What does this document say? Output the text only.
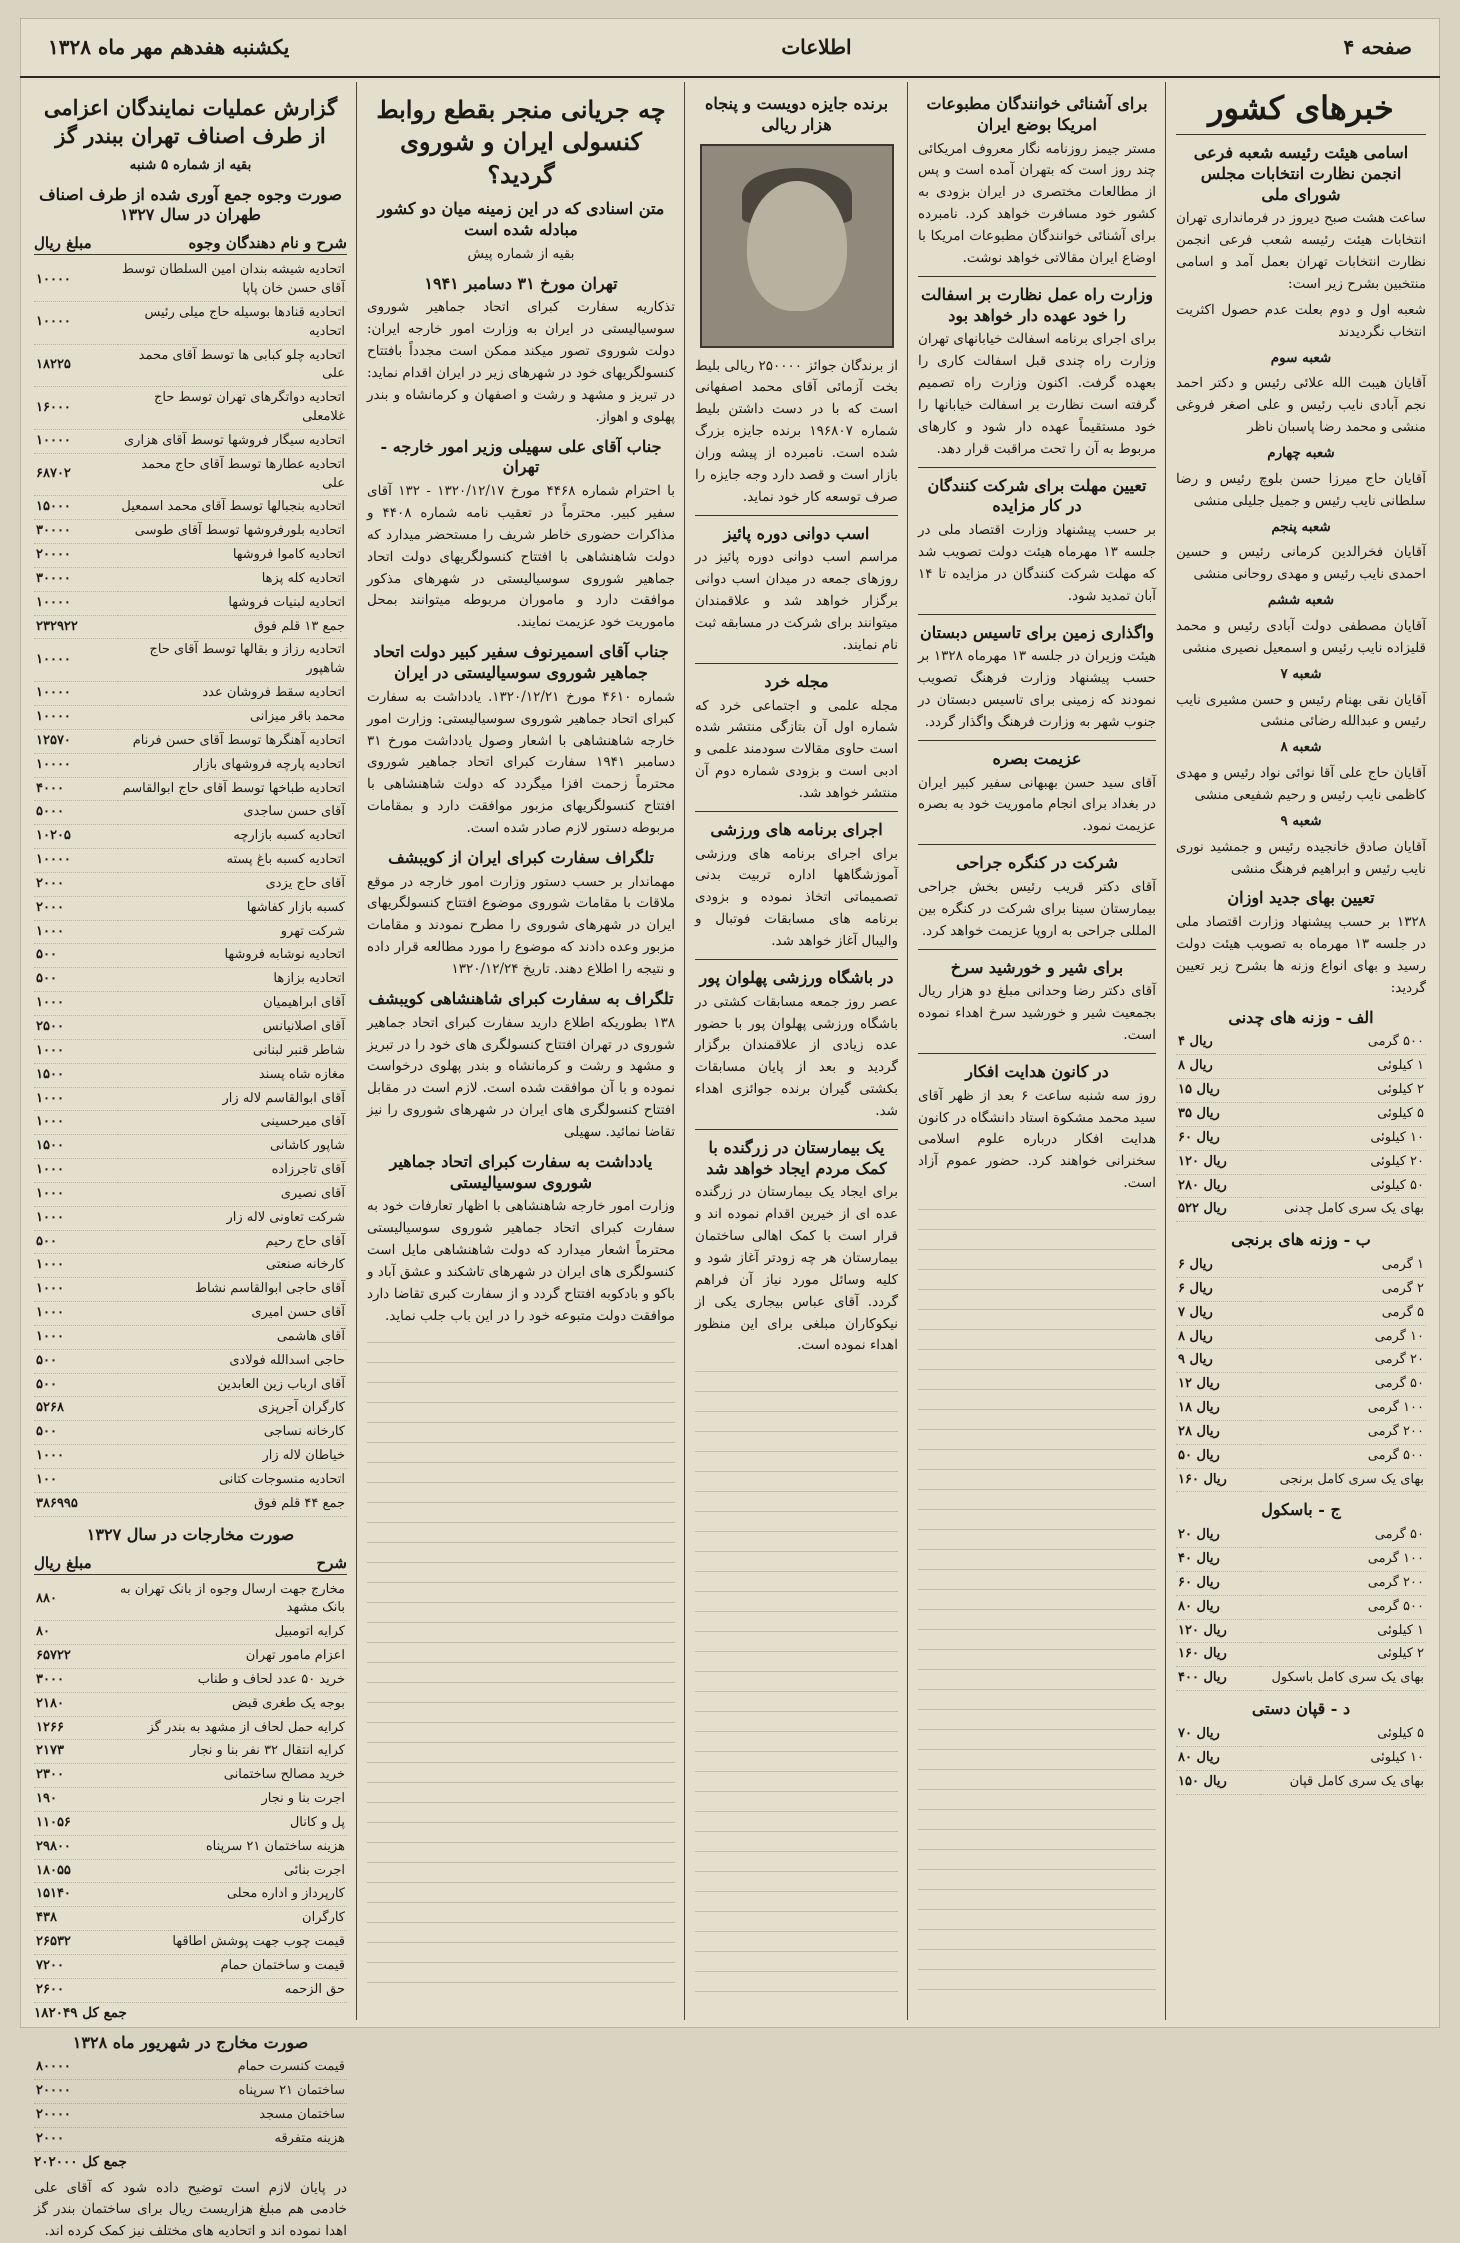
صفحه ۴
اطلاعات
یکشنبه هفدهم مهر ماه ۱۳۲۸
خبرهای کشور
اسامی هیئت رئیسه شعبه فرعی انجمن نظارت انتخابات مجلس شورای ملی

ساعت هشت صبح دیروز در فرمانداری تهران انتخابات هیئت رئیسه شعب فرعی انجمن نظارت انتخابات تهران بعمل آمد و اسامی منتخبین بشرح زیر است:

شعبه اول و دوم بعلت عدم حصول اکثریت انتخاب نگردیدند

شعبه سوم

آقایان هیبت الله علائی رئیس و دکتر احمد نجم آبادی نایب رئیس و علی اصغر فروغی منشی و محمد رضا پاسبان ناظر

شعبه چهارم

آقایان حاج میرزا حسن بلوچ رئیس و رضا سلطانی نایب رئیس و جمیل جلیلی منشی

شعبه پنجم

آقایان فخرالدین کرمانی رئیس و حسین احمدی نایب رئیس و مهدی روحانی منشی

شعبه ششم

آقایان مصطفی دولت آبادی رئیس و محمد قلیزاده نایب رئیس و اسمعیل نصیری منشی

شعبه ۷

آقایان نقی بهنام رئیس و حسن مشیری نایب رئیس و عبدالله رضائی منشی

شعبه ۸

آقایان حاج علی آقا نوائی نواد رئیس و مهدی کاظمی نایب رئیس و رحیم شفیعی منشی

شعبه ۹

آقایان صادق خانجیده رئیس و جمشید نوری نایب رئیس و ابراهیم فرهنگ منشی

تعیین بهای جدید اوزان

۱۳۲۸ بر حسب پیشنهاد وزارت اقتصاد ملی در جلسه ۱۳ مهرماه به تصویب هیئت دولت رسید و بهای انواع وزنه ها بشرح زیر تعیین گردید:

الف - وزنه های چدنی
۵۰۰ گرمی	۴ ریال
۱ کیلوئی	۸ ریال
۲ کیلوئی	۱۵ ریال
۵ کیلوئی	۳۵ ریال
۱۰ کیلوئی	۶۰ ریال
۲۰ کیلوئی	۱۲۰ ریال
۵۰ کیلوئی	۲۸۰ ریال
بهای یک سری کامل چدنی	۵۲۲ ریال
ب - وزنه های برنجی
۱ گرمی	۶ ریال
۲ گرمی	۶ ریال
۵ گرمی	۷ ریال
۱۰ گرمی	۸ ریال
۲۰ گرمی	۹ ریال
۵۰ گرمی	۱۲ ریال
۱۰۰ گرمی	۱۸ ریال
۲۰۰ گرمی	۲۸ ریال
۵۰۰ گرمی	۵۰ ریال
بهای یک سری کامل برنجی	۱۶۰ ریال
ج - باسکول
۵۰ گرمی	۲۰ ریال
۱۰۰ گرمی	۴۰ ریال
۲۰۰ گرمی	۶۰ ریال
۵۰۰ گرمی	۸۰ ریال
۱ کیلوئی	۱۲۰ ریال
۲ کیلوئی	۱۶۰ ریال
بهای یک سری کامل باسکول	۴۰۰ ریال
د - قپان دستی
۵ کیلوئی	۷۰ ریال
۱۰ کیلوئی	۸۰ ریال
بهای یک سری کامل قپان	۱۵۰ ریال
برای آشنائی خوانندگان مطبوعات امریکا بوضع ایران

مستر جیمز روزنامه نگار معروف امریکائی چند روز است که بتهران آمده است و پس از مطالعات مختصری در ایران بزودی به کشور خود مسافرت خواهد کرد. نامبرده برای آشنائی خوانندگان مطبوعات امریکا با اوضاع ایران مقالاتی خواهد نوشت.

وزارت راه عمل نظارت بر اسفالت را خود عهده دار خواهد بود

برای اجرای برنامه اسفالت خیابانهای تهران وزارت راه چندی قبل اسفالت کاری را بعهده گرفت. اکنون وزارت راه تصمیم گرفته است نظارت بر اسفالت خیابانها را خود مستقیماً عهده دار شود و کارهای مربوط به آن را تحت مراقبت قرار دهد.

تعیین مهلت برای شرکت کنندگان در کار مزایده

بر حسب پیشنهاد وزارت اقتصاد ملی در جلسه ۱۳ مهرماه هیئت دولت تصویب شد که مهلت شرکت کنندگان در مزایده تا ۱۴ آبان تمدید شود.

واگذاری زمین برای تاسیس دبستان

هیئت وزیران در جلسه ۱۳ مهرماه ۱۳۲۸ بر حسب پیشنهاد وزارت فرهنگ تصویب نمودند که زمینی برای تاسیس دبستان در جنوب شهر به وزارت فرهنگ واگذار گردد.

عزیمت بصره

آقای سید حسن بهبهانی سفیر کبیر ایران در بغداد برای انجام ماموریت خود به بصره عزیمت نمود.

شرکت در کنگره جراحی

آقای دکتر قریب رئیس بخش جراحی بیمارستان سینا برای شرکت در کنگره بین المللی جراحی به اروپا عزیمت خواهد کرد.

برای شیر و خورشید سرخ

آقای دکتر رضا وحدانی مبلغ دو هزار ریال بجمعیت شیر و خورشید سرخ اهداء نموده است.

در کانون هدایت افکار

روز سه شنبه ساعت ۶ بعد از ظهر آقای سید محمد مشکوة استاد دانشگاه در کانون هدایت افکار درباره علوم اسلامی سخنرانی خواهند کرد. حضور عموم آزاد است.

برنده جایزه دویست و پنجاه هزار ریالی

از برندگان جوائز ۲۵۰۰۰۰ ریالی بلیط بخت آزمائی آقای محمد اصفهانی است که با در دست داشتن بلیط شماره ۱۹۶۸۰۷ برنده جایزه بزرگ شده است. نامبرده از پیشه وران بازار است و قصد دارد وجه جایزه را صرف توسعه کار خود نماید.

اسب دوانی دوره پائیز

مراسم اسب دوانی دوره پائیز در روزهای جمعه در میدان اسب دوانی برگزار خواهد شد و علاقمندان میتوانند برای شرکت در مسابقه ثبت نام نمایند.

مجله خرد

مجله علمی و اجتماعی خرد که شماره اول آن بتازگی منتشر شده است حاوی مقالات سودمند علمی و ادبی است و بزودی شماره دوم آن منتشر خواهد شد.

اجرای برنامه های ورزشی

برای اجرای برنامه های ورزشی آموزشگاهها اداره تربیت بدنی تصمیماتی اتخاذ نموده و بزودی برنامه های مسابقات فوتبال و والیبال آغاز خواهد شد.

در باشگاه ورزشی پهلوان پور

عصر روز جمعه مسابقات کشتی در باشگاه ورزشی پهلوان پور با حضور عده زیادی از علاقمندان برگزار گردید و بعد از پایان مسابقات بکشتی گیران برنده جوائزی اهداء شد.

یک بیمارستان در زرگنده با کمک مردم ایجاد خواهد شد

برای ایجاد یک بیمارستان در زرگنده عده ای از خیرین اقدام نموده اند و قرار است با کمک اهالی ساختمان بیمارستان هر چه زودتر آغاز شود و کلیه وسائل مورد نیاز آن فراهم گردد. آقای عباس بیجاری یکی از نیکوکاران مبلغی برای این منظور اهداء نموده است.

چه جریانی منجر بقطع روابط کنسولی ایران و شوروی گردید؟
متن اسنادی که در این زمینه میان دو کشور مبادله شده است

بقیه از شماره پیش

تهران مورخ ۳۱ دسامبر ۱۹۴۱

تذکاریه سفارت کبرای اتحاد جماهیر شوروی سوسیالیستی در ایران به وزارت امور خارجه ایران: دولت شوروی تصور میکند ممکن است مجدداً بافتتاح کنسولگریهای خود در شهرهای زیر در ایران اقدام نماید: در تبریز و مشهد و رشت و اصفهان و کرمانشاه و بندر پهلوی و اهواز.

جناب آقای علی سهیلی وزیر امور خارجه - تهران

با احترام شماره ۴۴۶۸ مورخ ۱۳۲۰/۱۲/۱۷ - ۱۳۲ آقای سفیر کبیر. محترماً در تعقیب نامه شماره ۴۴۰۸ و مذاکرات حضوری خاطر شریف را مستحضر میدارد که دولت شاهنشاهی با افتتاح کنسولگریهای دولت اتحاد جماهیر شوروی سوسیالیستی در شهرهای مذکور موافقت دارد و ماموران مربوطه میتوانند بمحل ماموریت خود عزیمت نمایند.

جناب آقای اسمیرنوف سفیر کبیر دولت اتحاد جماهیر شوروی سوسیالیستی در ایران

شماره ۴۶۱۰ مورخ ۱۳۲۰/۱۲/۲۱. یادداشت به سفارت کبرای اتحاد جماهیر شوروی سوسیالیستی: وزارت امور خارجه شاهنشاهی با اشعار وصول یادداشت مورخ ۳۱ دسامبر ۱۹۴۱ سفارت کبرای اتحاد جماهیر شوروی محترماً زحمت افزا میگردد که دولت شاهنشاهی با افتتاح کنسولگریهای مزبور موافقت دارد و بمقامات مربوطه دستور لازم صادر شده است.

تلگراف سفارت کبرای ایران از کویبشف

مهماندار بر حسب دستور وزارت امور خارجه در موقع ملاقات با مقامات شوروی موضوع افتتاح کنسولگریهای ایران در شهرهای شوروی را مطرح نمودند و مقامات مزبور وعده دادند که موضوع را مورد مطالعه قرار داده و نتیجه را اطلاع دهند. تاریخ ۱۳۲۰/۱۲/۲۴

تلگراف به سفارت کبرای شاهنشاهی کویبشف

۱۳۸ بطوریکه اطلاع دارید سفارت کبرای اتحاد جماهیر شوروی در تهران افتتاح کنسولگری های خود را در تبریز و مشهد و رشت و کرمانشاه و بندر پهلوی درخواست نموده و با آن موافقت شده است. لازم است در مقابل افتتاح کنسولگری های ایران در شهرهای شوروی را نیز تقاضا نمائید. سهیلی

یادداشت به سفارت کبرای اتحاد جماهیر شوروی سوسیالیستی

وزارت امور خارجه شاهنشاهی با اظهار تعارفات خود به سفارت کبرای اتحاد جماهیر شوروی سوسیالیستی محترماً اشعار میدارد که دولت شاهنشاهی مایل است کنسولگری های ایران در شهرهای تاشکند و عشق آباد و باکو و بادکوبه افتتاح گردد و از سفارت کبری تقاضا دارد موافقت دولت متبوعه خود را در این باب جلب نماید.

گزارش عملیات نمایندگان اعزامی از طرف اصناف تهران ببندر گز

بقیه از شماره ۵ شنبه

صورت وجوه جمع آوری شده از طرف اصناف طهران در سال ۱۳۲۷
شرح و نام دهندگان وجوه
مبلغ ریال
اتحادیه شیشه بندان امین السلطان توسط آقای حسن خان پاپا	۱۰۰۰۰
اتحادیه قنادها بوسیله حاج میلی رئیس اتحادیه	۱۰۰۰۰
اتحادیه چلو کبابی ها توسط آقای محمد علی	۱۸۲۲۵
اتحادیه دواتگرهای تهران توسط حاج غلامعلی	۱۶۰۰۰
اتحادیه سیگار فروشها توسط آقای هزاری	۱۰۰۰۰
اتحادیه عطارها توسط آقای حاج محمد علی	۶۸۷۰۲
اتحادیه بنجبالها توسط آقای محمد اسمعیل	۱۵۰۰۰
اتحادیه بلورفروشها توسط آقای طوسی	۳۰۰۰۰
اتحادیه کاموا فروشها	۲۰۰۰۰
اتحادیه کله پزها	۳۰۰۰۰
اتحادیه لبنیات فروشها	۱۰۰۰۰
جمع ۱۳ قلم فوق	۲۳۲۹۲۲
اتحادیه رزاز و بقالها توسط آقای حاج شاهپور	۱۰۰۰۰
اتحادیه سقط فروشان عدد	۱۰۰۰۰
محمد باقر میزانی	۱۰۰۰۰
اتحادیه آهنگرها توسط آقای حسن فرنام	۱۲۵۷۰
اتحادیه پارچه فروشهای بازار	۱۰۰۰۰
اتحادیه طباخها توسط آقای حاج ابوالقاسم	۴۰۰۰
آقای حسن ساجدی	۵۰۰۰
اتحادیه کسبه بازارچه	۱۰۲۰۵
اتحادیه کسبه باغ پسته	۱۰۰۰۰
آقای حاج یزدی	۲۰۰۰
کسبه بازار کفاشها	۲۰۰۰
شرکت تهرو	۱۰۰۰
اتحادیه نوشابه فروشها	۵۰۰
اتحادیه بزازها	۵۰۰
آقای ابراهیمیان	۱۰۰۰
آقای اصلانیانس	۲۵۰۰
شاطر قنبر لبنانی	۱۰۰۰
مغازه شاه پسند	۱۵۰۰
آقای ابوالقاسم لاله زار	۱۰۰۰
آقای میرحسینی	۱۰۰۰
شاپور کاشانی	۱۵۰۰
آقای تاجرزاده	۱۰۰۰
آقای نصیری	۱۰۰۰
شرکت تعاونی لاله زار	۱۰۰۰
آقای حاج رحیم	۵۰۰
کارخانه صنعتی	۱۰۰۰
آقای حاجی ابوالقاسم نشاط	۱۰۰۰
آقای حسن امیری	۱۰۰۰
آقای هاشمی	۱۰۰۰
حاجی اسدالله فولادی	۵۰۰
آقای ارباب زین العابدین	۵۰۰
کارگران آجرپزی	۵۲۶۸
کارخانه نساجی	۵۰۰
خیاطان لاله زار	۱۰۰۰
اتحادیه منسوجات کتانی	۱۰۰
جمع ۴۴ قلم فوق	۳۸۶۹۹۵
صورت مخارجات در سال ۱۳۲۷
شرح
مبلغ ریال
مخارج جهت ارسال وجوه از بانک تهران به بانک مشهد	۸۸۰
کرایه اتومبیل	۸۰
اعزام مامور تهران	۶۵۷۲۲
خرید ۵۰ عدد لحاف و طناب	۳۰۰۰
بوجه یک طغری قبض	۲۱۸۰
کرایه حمل لحاف از مشهد به بندر گز	۱۲۶۶
کرایه انتقال ۳۲ نفر بنا و نجار	۲۱۷۳
خرید مصالح ساختمانی	۲۳۰۰
اجرت بنا و نجار	۱۹۰
پل و کانال	۱۱۰۵۶
هزینه ساختمان ۲۱ سرپناه	۲۹۸۰۰
اجرت بنائی	۱۸۰۵۵
کارپرداز و اداره محلی	۱۵۱۴۰
کارگران	۴۳۸
قیمت چوب جهت پوشش اطاقها	۲۶۵۳۲
قیمت و ساختمان حمام	۷۲۰۰
حق الزحمه	۲۶۰۰

جمع کل ۱۸۲۰۴۹

صورت مخارج در شهریور ماه ۱۳۲۸
قیمت کنسرت حمام	۸۰۰۰۰
ساختمان ۲۱ سرپناه	۲۰۰۰۰
ساختمان مسجد	۲۰۰۰۰
هزینه متفرقه	۲۰۰۰

جمع کل ۲۰۲۰۰۰

در پایان لازم است توضیح داده شود که آقای علی خادمی هم مبلغ هزاریست ریال برای ساختمان بندر گز اهدا نموده اند و اتحادیه های مختلف نیز کمک کرده اند.
